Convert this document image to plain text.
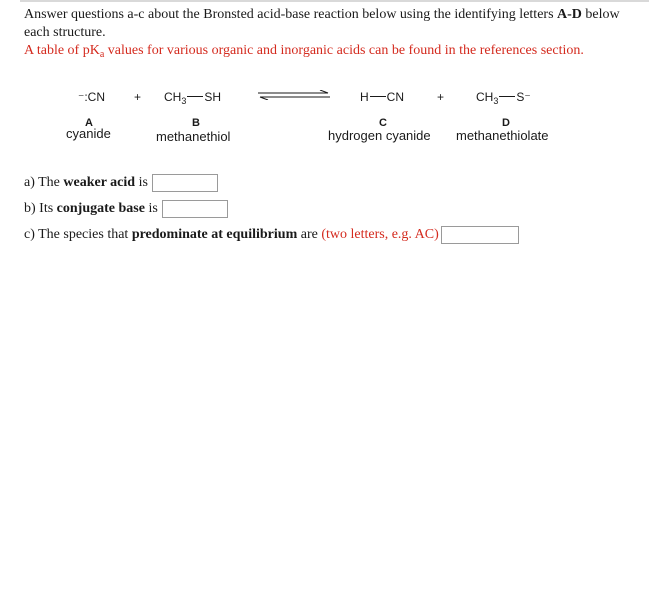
Answer questions a-c about the Bronsted acid-base reaction below using the identifying letters A-D below
each structure.
A table of $pK_a$ values for various organic and inorganic acids can be found in the references section.
⁻:CN + $CH_3$ SH	H CN	+	$CH_3$ S⁻
A	B	C	D
cyanide	methanethiol	hydrogen cyanide methanethiolate
a) The weaker acid is
b) Its conjugate base is
c) The species that predominate at equilibrium are (two letters, e.g. AC)
